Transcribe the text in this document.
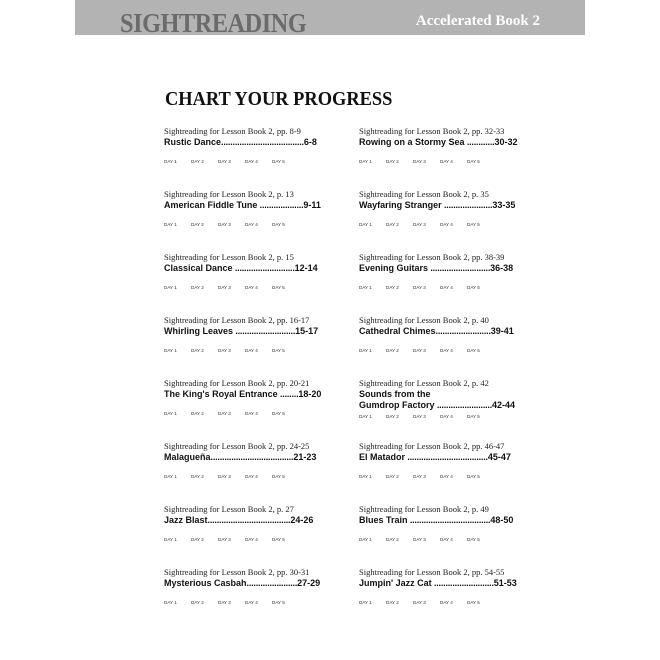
SIGHTREADING	Accelerated Book 2
CHART YOUR PROGRESS
Sightreading for Lesson Book 2, pp. 8-9
Rustic Dance....................................6-8
DAY 1	DAY 2	DAY 3	DAY 4	DAY 5
Sightreading for Lesson Book 2, p. 13
American Fiddle Tune ...................9-11
DAY 1	DAY 2	DAY 3	DAY 4	DAY 5
Sightreading for Lesson Book 2, p. 15
Classical Dance ..........................12-14
DAY 1	DAY 2	DAY 3	DAY 4	DAY 5
Sightreading for Lesson Book 2, pp. 16-17
Whirling Leaves ..........................15-17
DAY 1	DAY 2	DAY 3	DAY 4	DAY 5
Sightreading for Lesson Book 2, pp. 20-21
The King's Royal Entrance ........18-20
DAY 1	DAY 2	DAY 3	DAY 4	DAY 5
Sightreading for Lesson Book 2, pp. 24-25
Malagueña....................................21-23
DAY 1	DAY 2	DAY 3	DAY 4	DAY 5
Sightreading for Lesson Book 2, p. 27
Jazz Blast....................................24-26
DAY 1	DAY 2	DAY 3	DAY 4	DAY 5
Sightreading for Lesson Book 2, pp. 30-31
Mysterious Casbah......................27-29
DAY 1	DAY 2	DAY 3	DAY 4	DAY 5
Sightreading for Lesson Book 2, pp. 32-33
Rowing on a Stormy Sea ............30-32
DAY 1	DAY 2	DAY 3	DAY 4	DAY 5
Sightreading for Lesson Book 2, p. 35
Wayfaring Stranger .....................33-35
DAY 1	DAY 2	DAY 3	DAY 4	DAY 5
Sightreading for Lesson Book 2, pp. 38-39
Evening Guitars ..........................36-38
DAY 1	DAY 2	DAY 3	DAY 4	DAY 5
Sightreading for Lesson Book 2, p. 40
Cathedral Chimes........................39-41
DAY 1	DAY 2	DAY 3	DAY 4	DAY 5
Sightreading for Lesson Book 2, p. 42
Sounds from the
Gumdrop Factory ........................42-44
DAY 1	DAY 2	DAY 3	DAY 4	DAY 5
Sightreading for Lesson Book 2, pp. 46-47
El Matador ...................................45-47
DAY 1	DAY 2	DAY 3	DAY 4	DAY 5
Sightreading for Lesson Book 2, p. 49
Blues Train ...................................48-50
DAY 1	DAY 2	DAY 3	DAY 4	DAY 5
Sightreading for Lesson Book 2, pp. 54-55
Jumpin' Jazz Cat ..........................51-53
DAY 1	DAY 2	DAY 3	DAY 4	DAY 5
